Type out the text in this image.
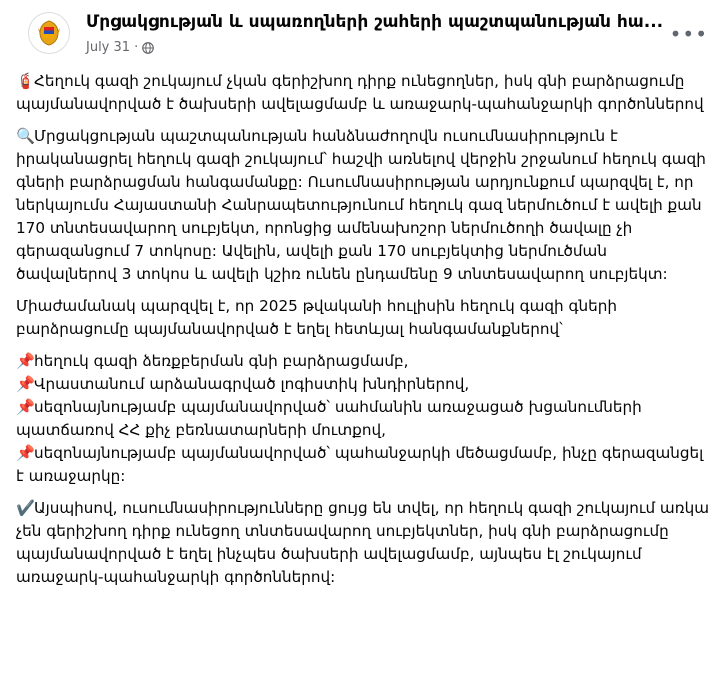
Մրցակցության և սպառողների շահերի պաշտպանության հա...
July 31 ·
•••

🧯Հեղուկ գազի շուկայում չկան գերիշխող դիրք ունեցողներ, իսկ գնի բարձրացումը պայմանավորված է ծախսերի ավելացմամբ և առաջարկ-պահանջարկի գործոններով

🔍Մրցակցության պաշտպանության հանձնաժողովն ուսումնասիրություն է իրականացրել հեղուկ գազի շուկայում՝ հաշվի առնելով վերջին շրջանում հեղուկ գազի գների բարձրացման հանգամանքը: Ուսումնասիրության արդյունքում պարզվել է, որ ներկայումս Հայաստանի Հանրապետությունում հեղուկ գազ ներմուծում է ավելի քան 170 տնտեսավարող սուբյեկտ, որոնցից ամենախոշոր ներմուծողի ծավալը չի գերազանցում 7 տոկոսը: Ավելին, ավելի քան 170 սուբյեկտից ներմուծման ծավալներով 3 տոկոս և ավելի կշիռ ունեն ընդամենը 9 տնտեսավարող սուբյեկտ:

Միաժամանակ պարզվել է, որ 2025 թվականի հուլիսին հեղուկ գազի գների բարձրացումը պայմանավորված է եղել հետևյալ հանգամանքներով՝

📌հեղուկ գազի ձեռքբերման գնի բարձրացմամբ,

📌Վրաստանում արձանագրված լոգիստիկ խնդիրներով,

📌սեզոնայնությամբ պայմանավորված՝ սահմանին առաջացած խցանումների պատճառով ՀՀ քիչ բեռնատարների մուտքով,

📌սեզոնայնությամբ պայմանավորված՝ պահանջարկի մեծացմամբ, ինչը գերազանցել է առաջարկը:

✔️Այսպիսով, ուսումնասիրությունները ցույց են տվել, որ հեղուկ գազի շուկայում առկա չեն գերիշխող դիրք ունեցող տնտեսավարող սուբյեկտներ, իսկ գնի բարձրացումը պայմանավորված է եղել ինչպես ծախսերի ավելացմամբ, այնպես էլ շուկայում առաջարկ-պահանջարկի գործոններով:
